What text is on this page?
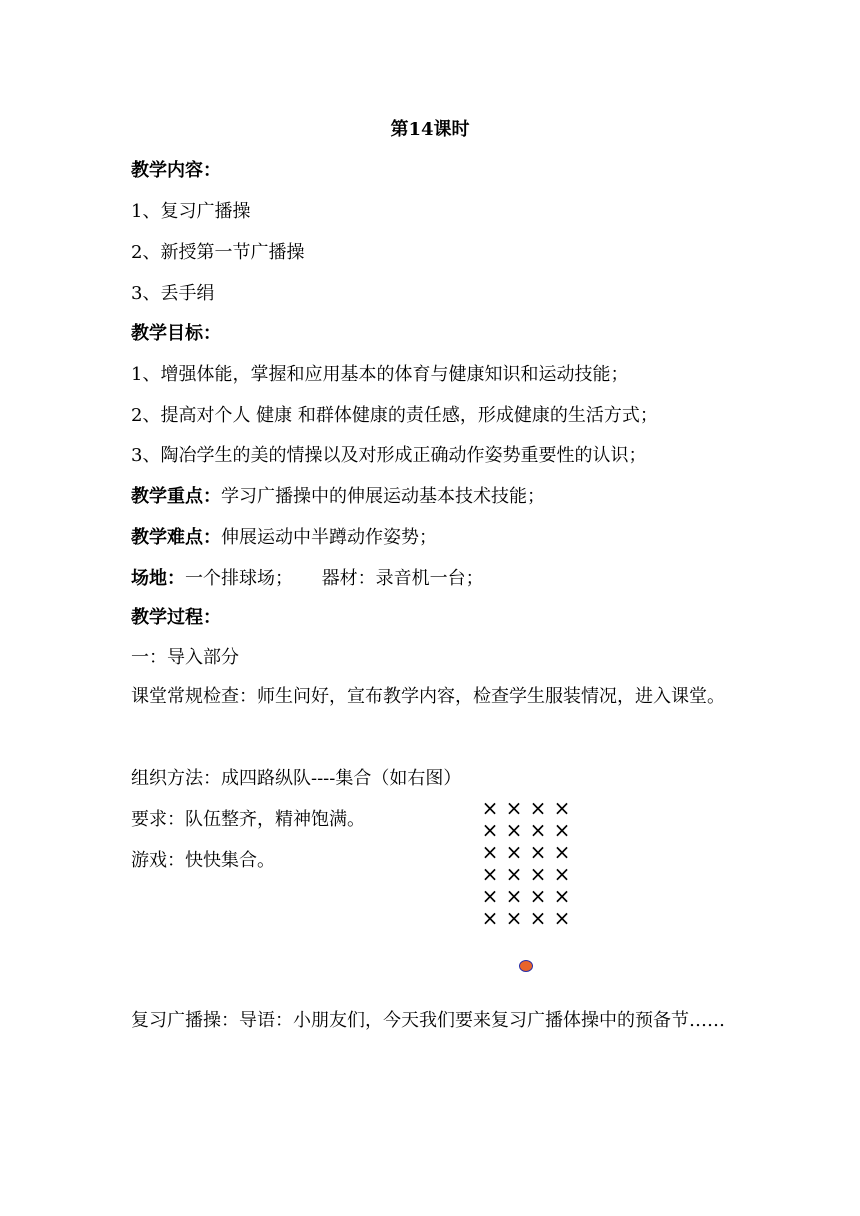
第14课时
教学内容：
1、复习广播操
2、新授第一节广播操
3、丢手绢
教学目标：
1、增强体能，掌握和应用基本的体育与健康知识和运动技能；
2、提高对个人 健康 和群体健康的责任感，形成健康的生活方式；
3、陶冶学生的美的情操以及对形成正确动作姿势重要性的认识；
教学重点：学习广播操中的伸展运动基本技术技能；
教学难点：伸展运动中半蹲动作姿势；
场地：一个排球场；     器材：录音机一台；
教学过程：
一：导入部分
课堂常规检查：师生问好，宣布教学内容，检查学生服装情况，进入课堂。
组织方法：成四路纵队----集合（如右图）
要求：队伍整齐，精神饱满。
游戏：快快集合。
× × × ×
× × × ×
× × × ×
× × × ×
× × × ×
× × × ×
复习广播操：导语：小朋友们，今天我们要来复习广播体操中的预备节……
